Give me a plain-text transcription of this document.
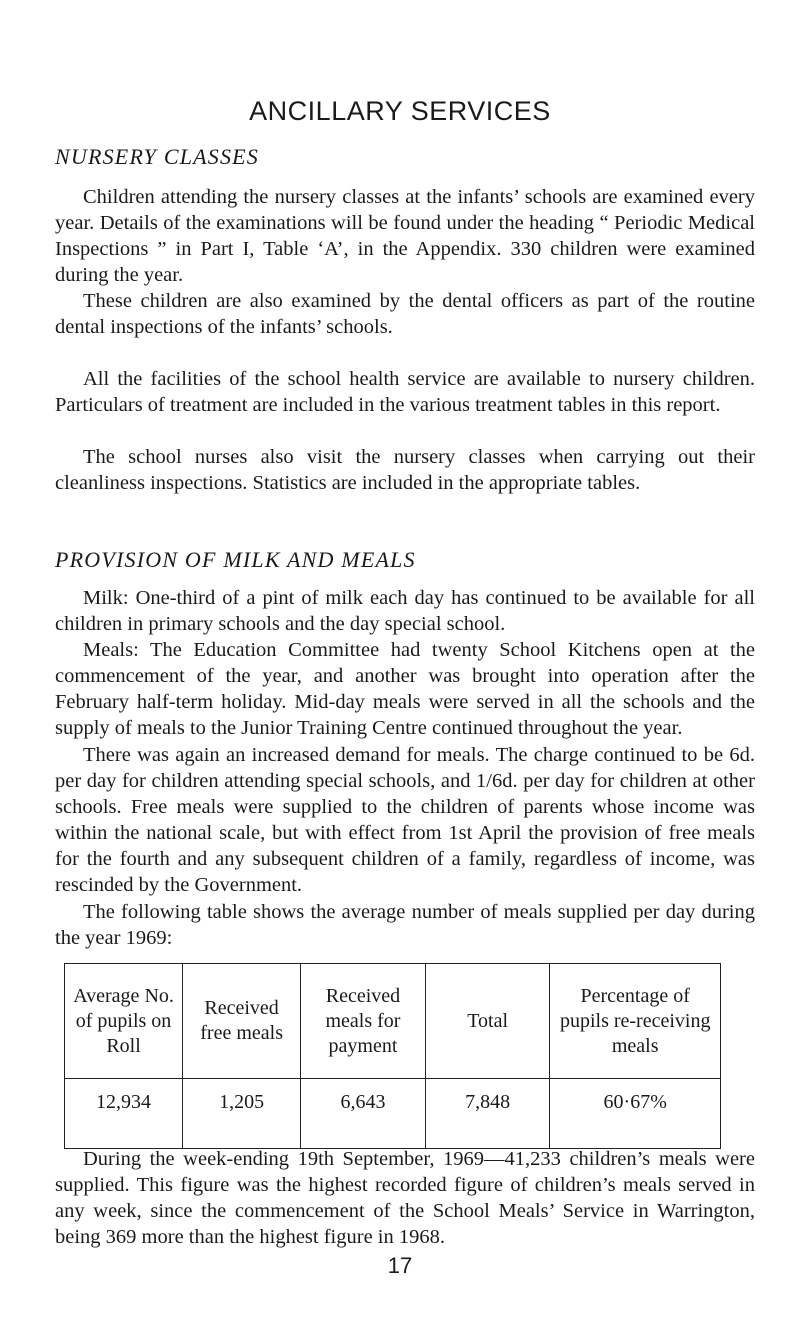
ANCILLARY SERVICES
NURSERY CLASSES

Children attending the nursery classes at the infants’ schools are examined every year. Details of the examinations will be found under the heading “ Periodic Medical Inspections ” in Part I, Table ‘A’, in the Appendix. 330 children were examined during the year.

These children are also examined by the dental officers as part of the routine dental inspections of the infants’ schools.

All the facilities of the school health service are available to nursery children. Particulars of treatment are included in the various treatment tables in this report.

The school nurses also visit the nursery classes when carrying out their cleanliness inspections. Statistics are included in the appropriate tables.

PROVISION OF MILK AND MEALS

Milk: One-third of a pint of milk each day has continued to be available for all children in primary schools and the day special school.

Meals: The Education Committee had twenty School Kitchens open at the commencement of the year, and another was brought into operation after the February half-term holiday. Mid-day meals were served in all the schools and the supply of meals to the Junior Training Centre continued throughout the year.

There was again an increased demand for meals. The charge continued to be 6d. per day for children attending special schools, and 1/6d. per day for children at other schools. Free meals were supplied to the children of parents whose income was within the national scale, but with effect from 1st April the provision of free meals for the fourth and any subsequent children of a family, regardless of income, was rescinded by the Government.

The following table shows the average number of meals supplied per day during the year 1969:

Average No. of pupils on Roll	Received free meals	Received meals for payment	Total	Percentage of pupils re-receiving meals
12,934	1,205	6,643	7,848	60·67%

During the week-ending 19th September, 1969—41,233 children’s meals were supplied. This figure was the highest recorded figure of children’s meals served in any week, since the commencement of the School Meals’ Service in Warrington, being 369 more than the highest figure in 1968.

17
